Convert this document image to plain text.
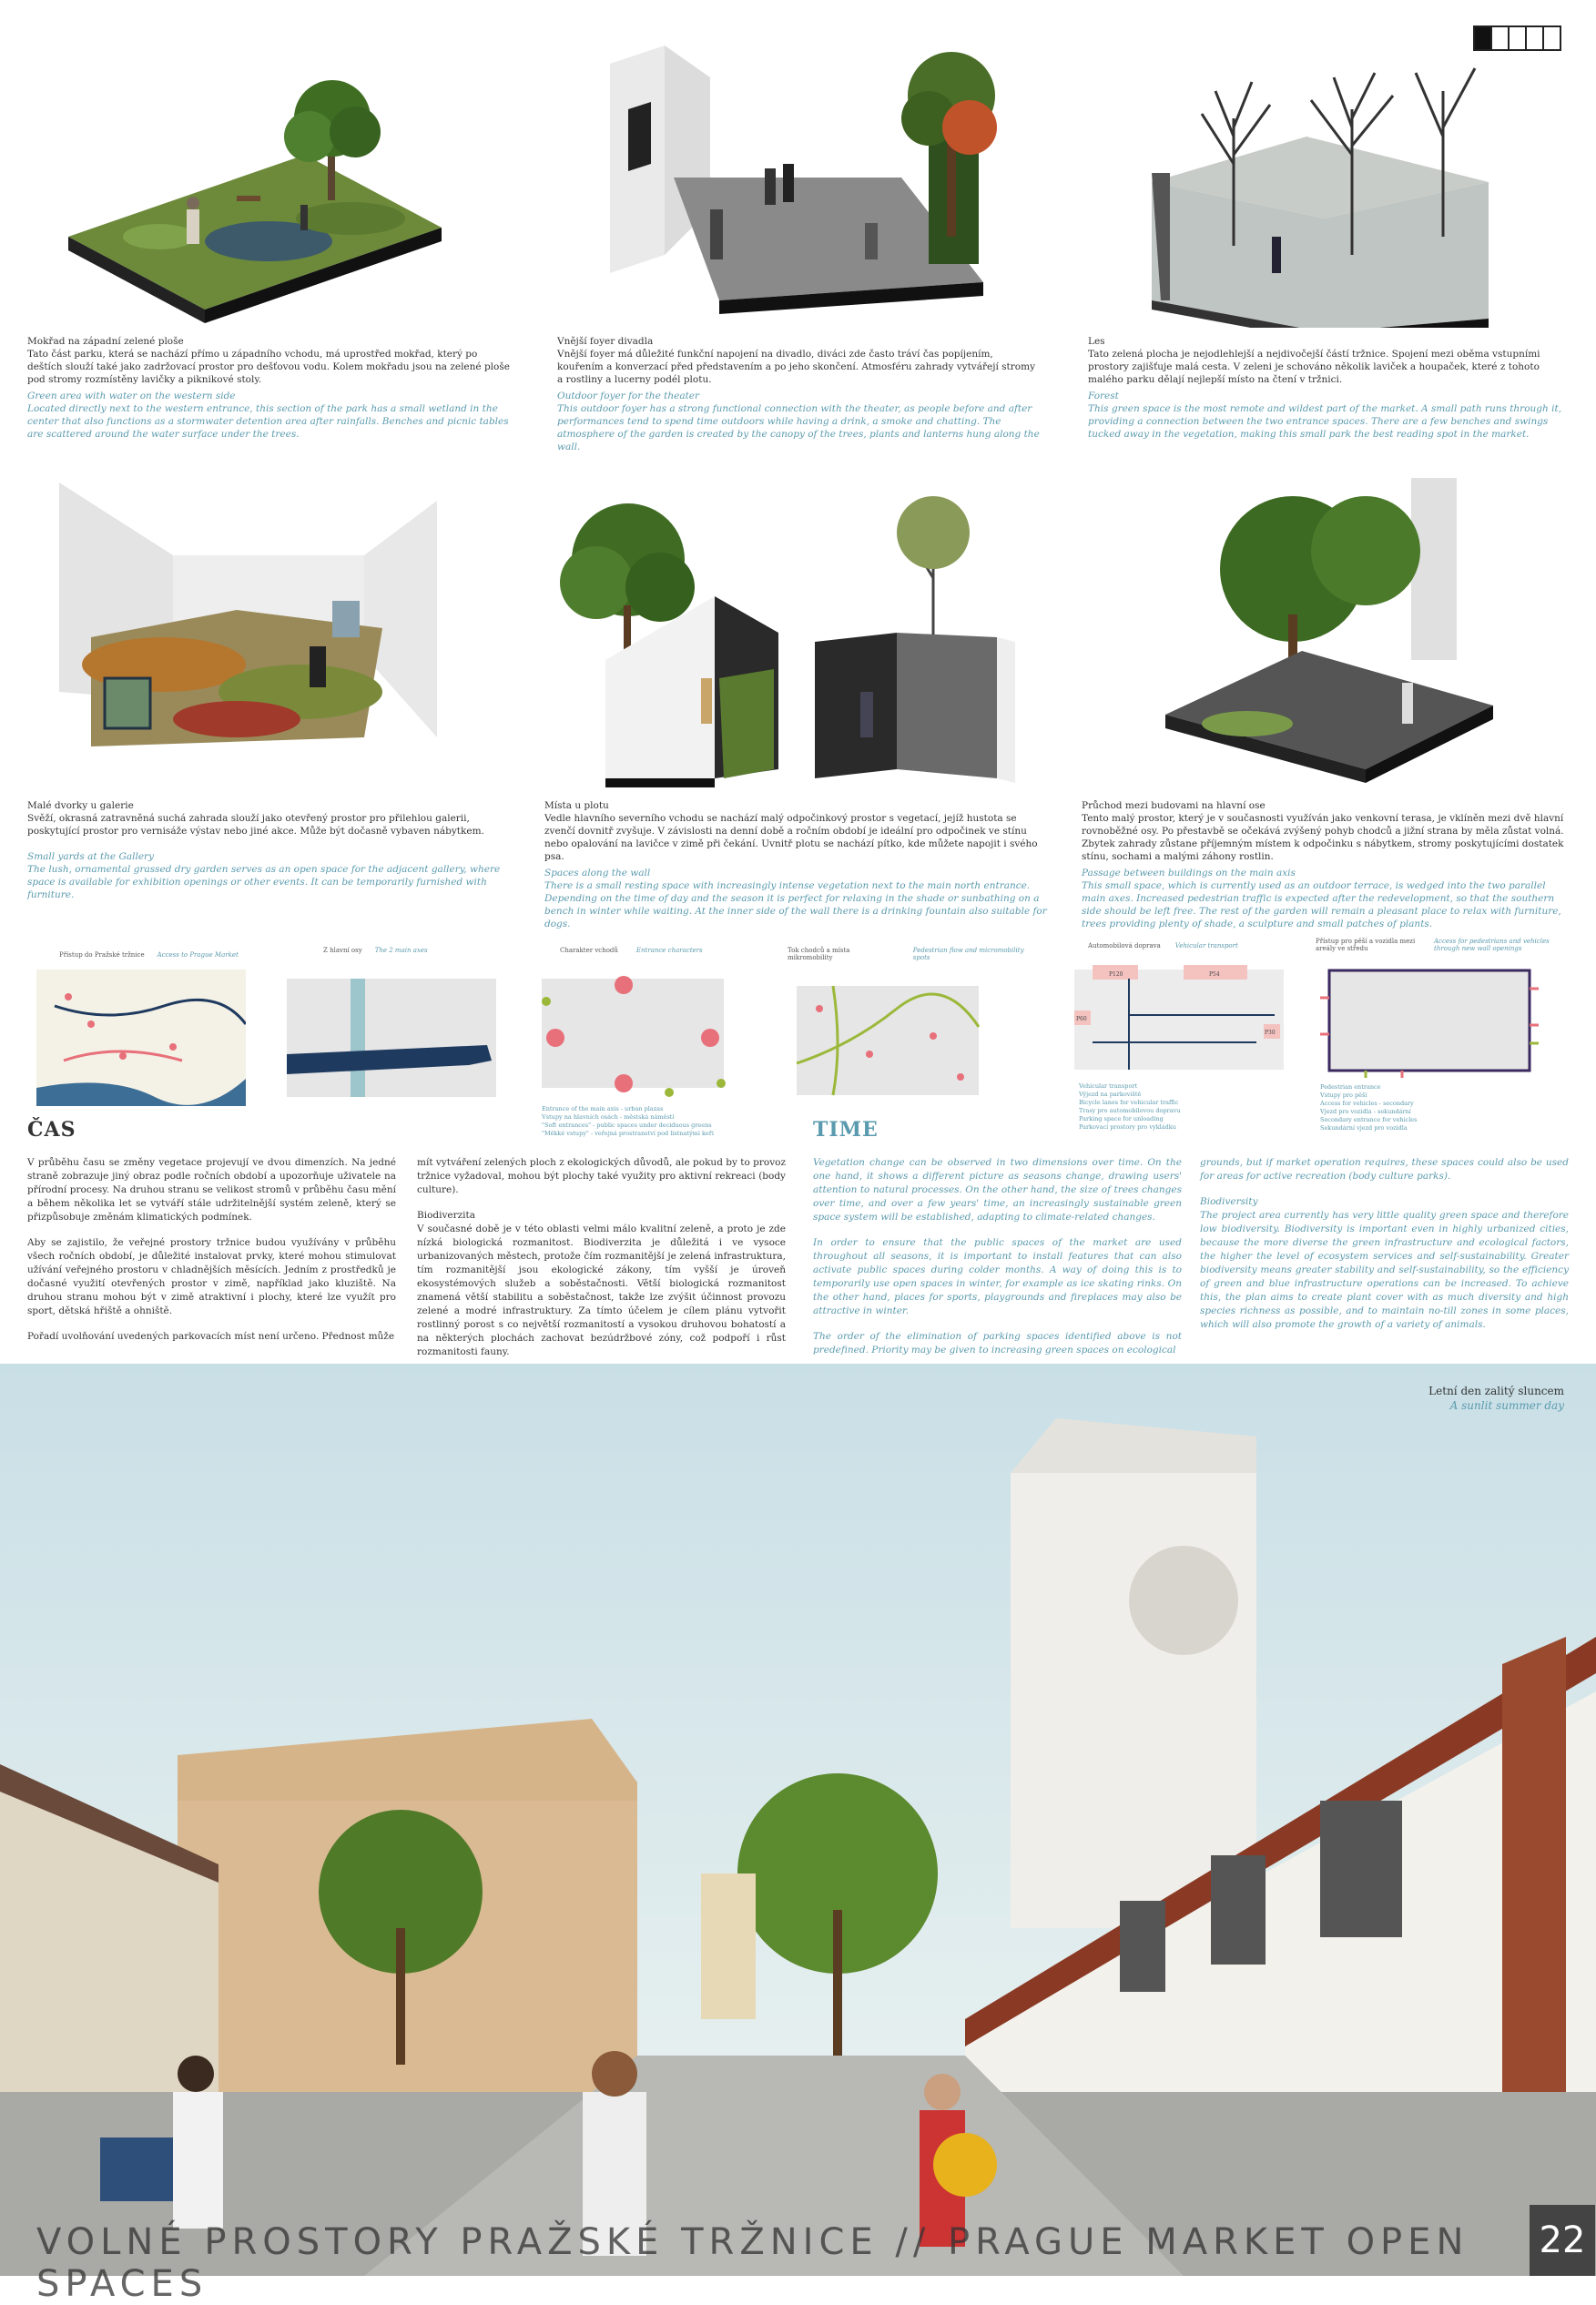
Mokřad na západní zelené ploše
Tato část parku, která se nachází přímo u západního vchodu, má uprostřed mokřad, který po deštích slouží také jako zadržovací prostor pro dešťovou vodu. Kolem mokřadu jsou na zelené ploše pod stromy rozmístěny lavičky a piknikové stoly.
Green area with water on the western side
Located directly next to the western entrance, this section of the park has a small wetland in the center that also functions as a stormwater detention area after rainfalls. Benches and picnic tables are scattered around the water surface under the trees.
Vnější foyer divadla
Vnější foyer má důležité funkční napojení na divadlo, diváci zde často tráví čas popíjením, kouřením a konverzací před představením a po jeho skončení. Atmosféru zahrady vytvářejí stromy a rostliny a lucerny podél plotu.
Outdoor foyer for the theater
This outdoor foyer has a strong functional connection with the theater, as people before and after performances tend to spend time outdoors while having a drink, a smoke and chatting. The atmosphere of the garden is created by the canopy of the trees, plants and lanterns hung along the wall.
Les
Tato zelená plocha je nejodlehlejší a nejdivočejší částí tržnice. Spojení mezi oběma vstupními prostory zajišťuje malá cesta. V zeleni je schováno několik laviček a houpaček, které z tohoto malého parku dělají nejlepší místo na čtení v tržnici.
Forest
This green space is the most remote and wildest part of the market. A small path runs through it, providing a connection between the two entrance spaces. There are a few benches and swings tucked away in the vegetation, making this small park the best reading spot in the market.
Malé dvorky u galerie
Svěží, okrasná zatravněná suchá zahrada slouží jako otevřený prostor pro přilehlou galerii, poskytující prostor pro vernisáže výstav nebo jiné akce. Může být dočasně vybaven nábytkem.
Small yards at the Gallery
The lush, ornamental grassed dry garden serves as an open space for the adjacent gallery, where space is available for exhibition openings or other events. It can be temporarily furnished with furniture.
Místa u plotu
Vedle hlavního severního vchodu se nachází malý odpočinkový prostor s vegetací, jejíž hustota se zvenčí dovnitř zvyšuje. V závislosti na denní době a ročním období je ideální pro odpočinek ve stínu nebo opalování na lavičce v zimě při čekání. Uvnitř plotu se nachází pítko, kde můžete napojit i svého psa.
Spaces along the wall
There is a small resting space with increasingly intense vegetation next to the main north entrance. Depending on the time of day and the season it is perfect for relaxing in the shade or sunbathing on a bench in winter while waiting. At the inner side of the wall there is a drinking fountain also suitable for dogs.
Průchod mezi budovami na hlavní ose
Tento malý prostor, který je v současnosti využíván jako venkovní terasa, je vklíněn mezi dvě hlavní rovnoběžné osy. Po přestavbě se očekává zvýšený pohyb chodců a jižní strana by měla zůstat volná. Zbytek zahrady zůstane příjemným místem k odpočinku s nábytkem, stromy poskytujícími dostatek stínu, sochami a malými záhony rostlin.
Passage between buildings on the main axis
This small space, which is currently used as an outdoor terrace, is wedged into the two parallel main axes. Increased pedestrian traffic is expected after the redevelopment, so that the southern side should be left free. The rest of the garden will remain a pleasant place to relax with furniture, trees providing plenty of shade, a sculpture and small patches of plants.
Přístup do Pražské tržnice Access to Prague Market
Z hlavní osy The 2 main axes	Charakter vchodů	Entrance characters
Entrance of the main axis - urban plazas
Vstupy na hlavních osách - městská náměstí
"Soft entrances" - public spaces under deciduous greens
"Měkké vstupy" - veřejná prostranství pod listnatými keři
Tok chodců a místa mikromobility
Pedestrian flow and micromobility spots
Automobilová doprava Vehicular transport
P120	P54
P60
P30
Vehicular transport
Výjezd na parkoviště
Bicycle lanes for vehicular traffic
Trasy pro automobilovou dopravu
Parking space for unloading
Parkovací prostory pro vykládku
Přístup pro pěší a vozidla mezi areály ve středu
Access for pedestrians and vehicles through new wall openings
Pedestrian entrance
Vstupy pro pěší
Access for vehicles - secondary
Vjezd pro vozidla - sekundární
Secondary entrance for vehicles
Sekundární vjezd pro vozidla
ČAS	TIME

V průběhu času se změny vegetace projevují ve dvou dimenzích. Na jedné straně zobrazuje jiný obraz podle ročních období a upozorňuje uživatele na přírodní procesy. Na druhou stranu se velikost stromů v průběhu času mění a během několika let se vytváří stále udržitelnější systém zeleně, který se přizpůsobuje změnám klimatických podmínek.

Aby se zajistilo, že veřejné prostory tržnice budou využívány v průběhu všech ročních období, je důležité instalovat prvky, které mohou stimulovat užívání veřejného prostoru v chladnějších měsících. Jedním z prostředků je dočasné využití otevřených prostor v zimě, například jako kluziště. Na druhou stranu mohou být v zimě atraktivní i plochy, které lze využít pro sport, dětská hřiště a ohniště.

Pořadí uvolňování uvedených parkovacích míst není určeno. Přednost může

mít vytváření zelených ploch z ekologických důvodů, ale pokud by to provoz tržnice vyžadoval, mohou být plochy také využity pro aktivní rekreaci (body culture).

Biodiverzita

V současné době je v této oblasti velmi málo kvalitní zeleně, a proto je zde nízká biologická rozmanitost. Biodiverzita je důležitá i ve vysoce urbanizovaných městech, protože čím rozmanitější je zelená infrastruktura, tím rozmanitější jsou ekologické zákony, tím vyšší je úroveň ekosystémových služeb a soběstačnosti. Větší biologická rozmanitost znamená větší stabilitu a soběstačnost, takže lze zvýšit účinnost provozu zelené a modré infrastruktury. Za tímto účelem je cílem plánu vytvořit rostlinný porost s co největší rozmanitostí a vysokou druhovou bohatostí a na některých plochách zachovat bezúdržbové zóny, což podpoří i růst rozmanitosti fauny.

Vegetation change can be observed in two dimensions over time. On the one hand, it shows a different picture as seasons change, drawing users' attention to natural processes. On the other hand, the size of trees changes over time, and over a few years' time, an increasingly sustainable green space system will be established, adapting to climate-related changes.

In order to ensure that the public spaces of the market are used throughout all seasons, it is important to install features that can also activate public spaces during colder months. A way of doing this is to temporarily use open spaces in winter, for example as ice skating rinks. On the other hand, places for sports, playgrounds and fireplaces may also be attractive in winter.

The order of the elimination of parking spaces identified above is not predefined. Priority may be given to increasing green spaces on ecological

grounds, but if market operation requires, these spaces could also be used for areas for active recreation (body culture parks).

Biodiversity

The project area currently has very little quality green space and therefore low biodiversity. Biodiversity is important even in highly urbanized cities, because the more diverse the green infrastructure and ecological factors, the higher the level of ecosystem services and self-sustainability. Greater biodiversity means greater stability and self-sustainability, so the efficiency of green and blue infrastructure operations can be increased. To achieve this, the plan aims to create plant cover with as much diversity and high species richness as possible, and to maintain no-till zones in some places, which will also promote the growth of a variety of animals.

Letní den zalitý sluncem
A sunlit summer day
VOLNÉ PROSTORY PRAŽSKÉ TRŽNICE // PRAGUE MARKET OPEN SPACES
22
